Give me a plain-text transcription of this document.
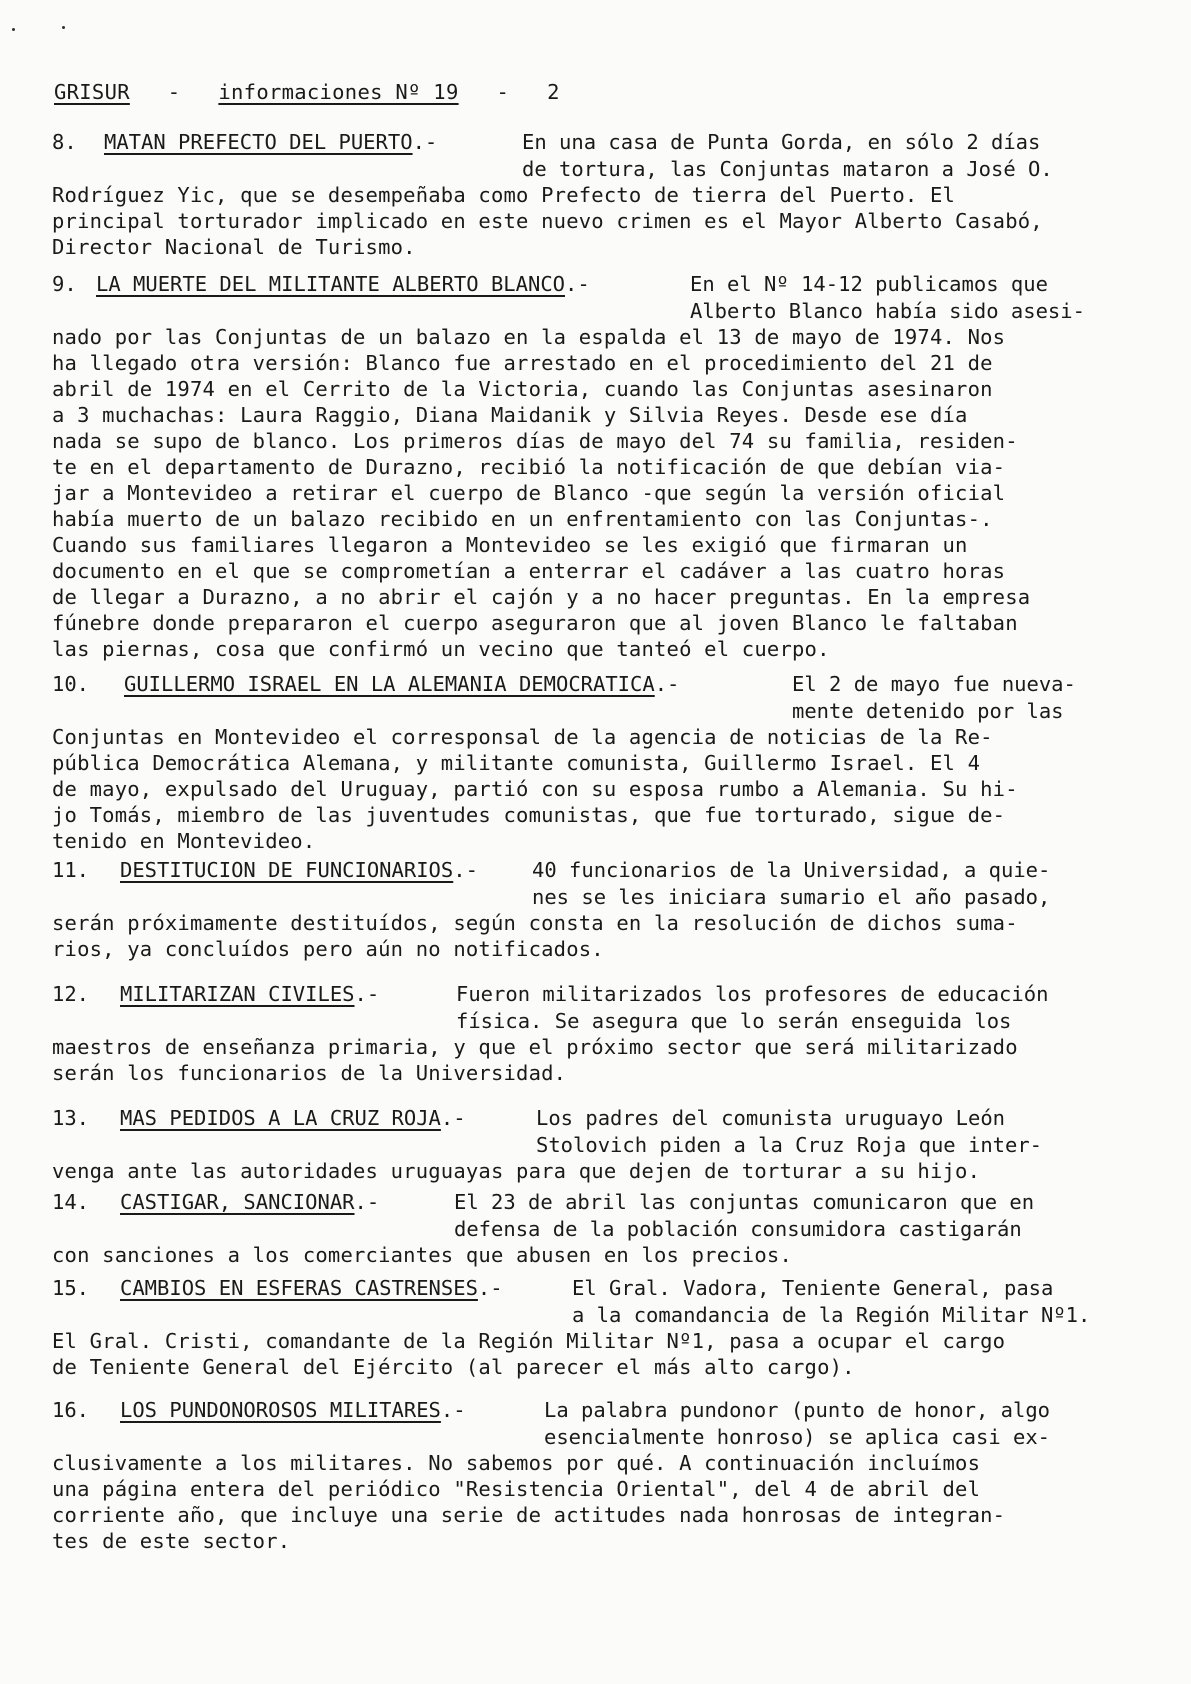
GRISUR - informaciones Nº 19 - 2
8. MATAN PREFECTO DEL PUERTO.-	En una casa de Punta Gorda, en sólo 2 días
de tortura, las Conjuntas mataron a José O.
Rodríguez Yic, que se desempeñaba como Prefecto de tierra del Puerto. El
principal torturador implicado en este nuevo crimen es el Mayor Alberto Casabó,
Director Nacional de Turismo.
9. LA MUERTE DEL MILITANTE ALBERTO BLANCO.-	En el Nº 14-12 publicamos que
Alberto Blanco había sido asesi-
nado por las Conjuntas de un balazo en la espalda el 13 de mayo de 1974. Nos
ha llegado otra versión: Blanco fue arrestado en el procedimiento del 21 de
abril de 1974 en el Cerrito de la Victoria, cuando las Conjuntas asesinaron
a 3 muchachas: Laura Raggio, Diana Maidanik y Silvia Reyes. Desde ese día
nada se supo de blanco. Los primeros días de mayo del 74 su familia, residen-
te en el departamento de Durazno, recibió la notificación de que debían via-
jar a Montevideo a retirar el cuerpo de Blanco -que según la versión oficial
había muerto de un balazo recibido en un enfrentamiento con las Conjuntas-.
Cuando sus familiares llegaron a Montevideo se les exigió que firmaran un
documento en el que se comprometían a enterrar el cadáver a las cuatro horas
de llegar a Durazno, a no abrir el cajón y a no hacer preguntas. En la empresa
fúnebre donde prepararon el cuerpo aseguraron que al joven Blanco le faltaban
las piernas, cosa que confirmó un vecino que tanteó el cuerpo.
10. GUILLERMO ISRAEL EN LA ALEMANIA DEMOCRATICA.-	El 2 de mayo fue nueva-
mente detenido por las
Conjuntas en Montevideo el corresponsal de la agencia de noticias de la Re-
pública Democrática Alemana, y militante comunista, Guillermo Israel. El 4
de mayo, expulsado del Uruguay, partió con su esposa rumbo a Alemania. Su hi-
jo Tomás, miembro de las juventudes comunistas, que fue torturado, sigue de-
tenido en Montevideo.
11. DESTITUCION DE FUNCIONARIOS.-	40 funcionarios de la Universidad, a quie-
nes se les iniciara sumario el año pasado,
serán próximamente destituídos, según consta en la resolución de dichos suma-
rios, ya concluídos pero aún no notificados.
12. MILITARIZAN CIVILES.-	Fueron militarizados los profesores de educación
física. Se asegura que lo serán enseguida los
maestros de enseñanza primaria, y que el próximo sector que será militarizado
serán los funcionarios de la Universidad.
13. MAS PEDIDOS A LA CRUZ ROJA.-	Los padres del comunista uruguayo León
Stolovich piden a la Cruz Roja que inter-
venga ante las autoridades uruguayas para que dejen de torturar a su hijo.
14. CASTIGAR, SANCIONAR.-	El 23 de abril las conjuntas comunicaron que en
defensa de la población consumidora castigarán
con sanciones a los comerciantes que abusen en los precios.
15. CAMBIOS EN ESFERAS CASTRENSES.-	El Gral. Vadora, Teniente General, pasa
a la comandancia de la Región Militar Nº1.
El Gral. Cristi, comandante de la Región Militar Nº1, pasa a ocupar el cargo
de Teniente General del Ejército (al parecer el más alto cargo).
16. LOS PUNDONOROSOS MILITARES.-	La palabra pundonor (punto de honor, algo
esencialmente honroso) se aplica casi ex-
clusivamente a los militares. No sabemos por qué. A continuación incluímos
una página entera del periódico "Resistencia Oriental", del 4 de abril del
corriente año, que incluye una serie de actitudes nada honrosas de integran-
tes de este sector.
